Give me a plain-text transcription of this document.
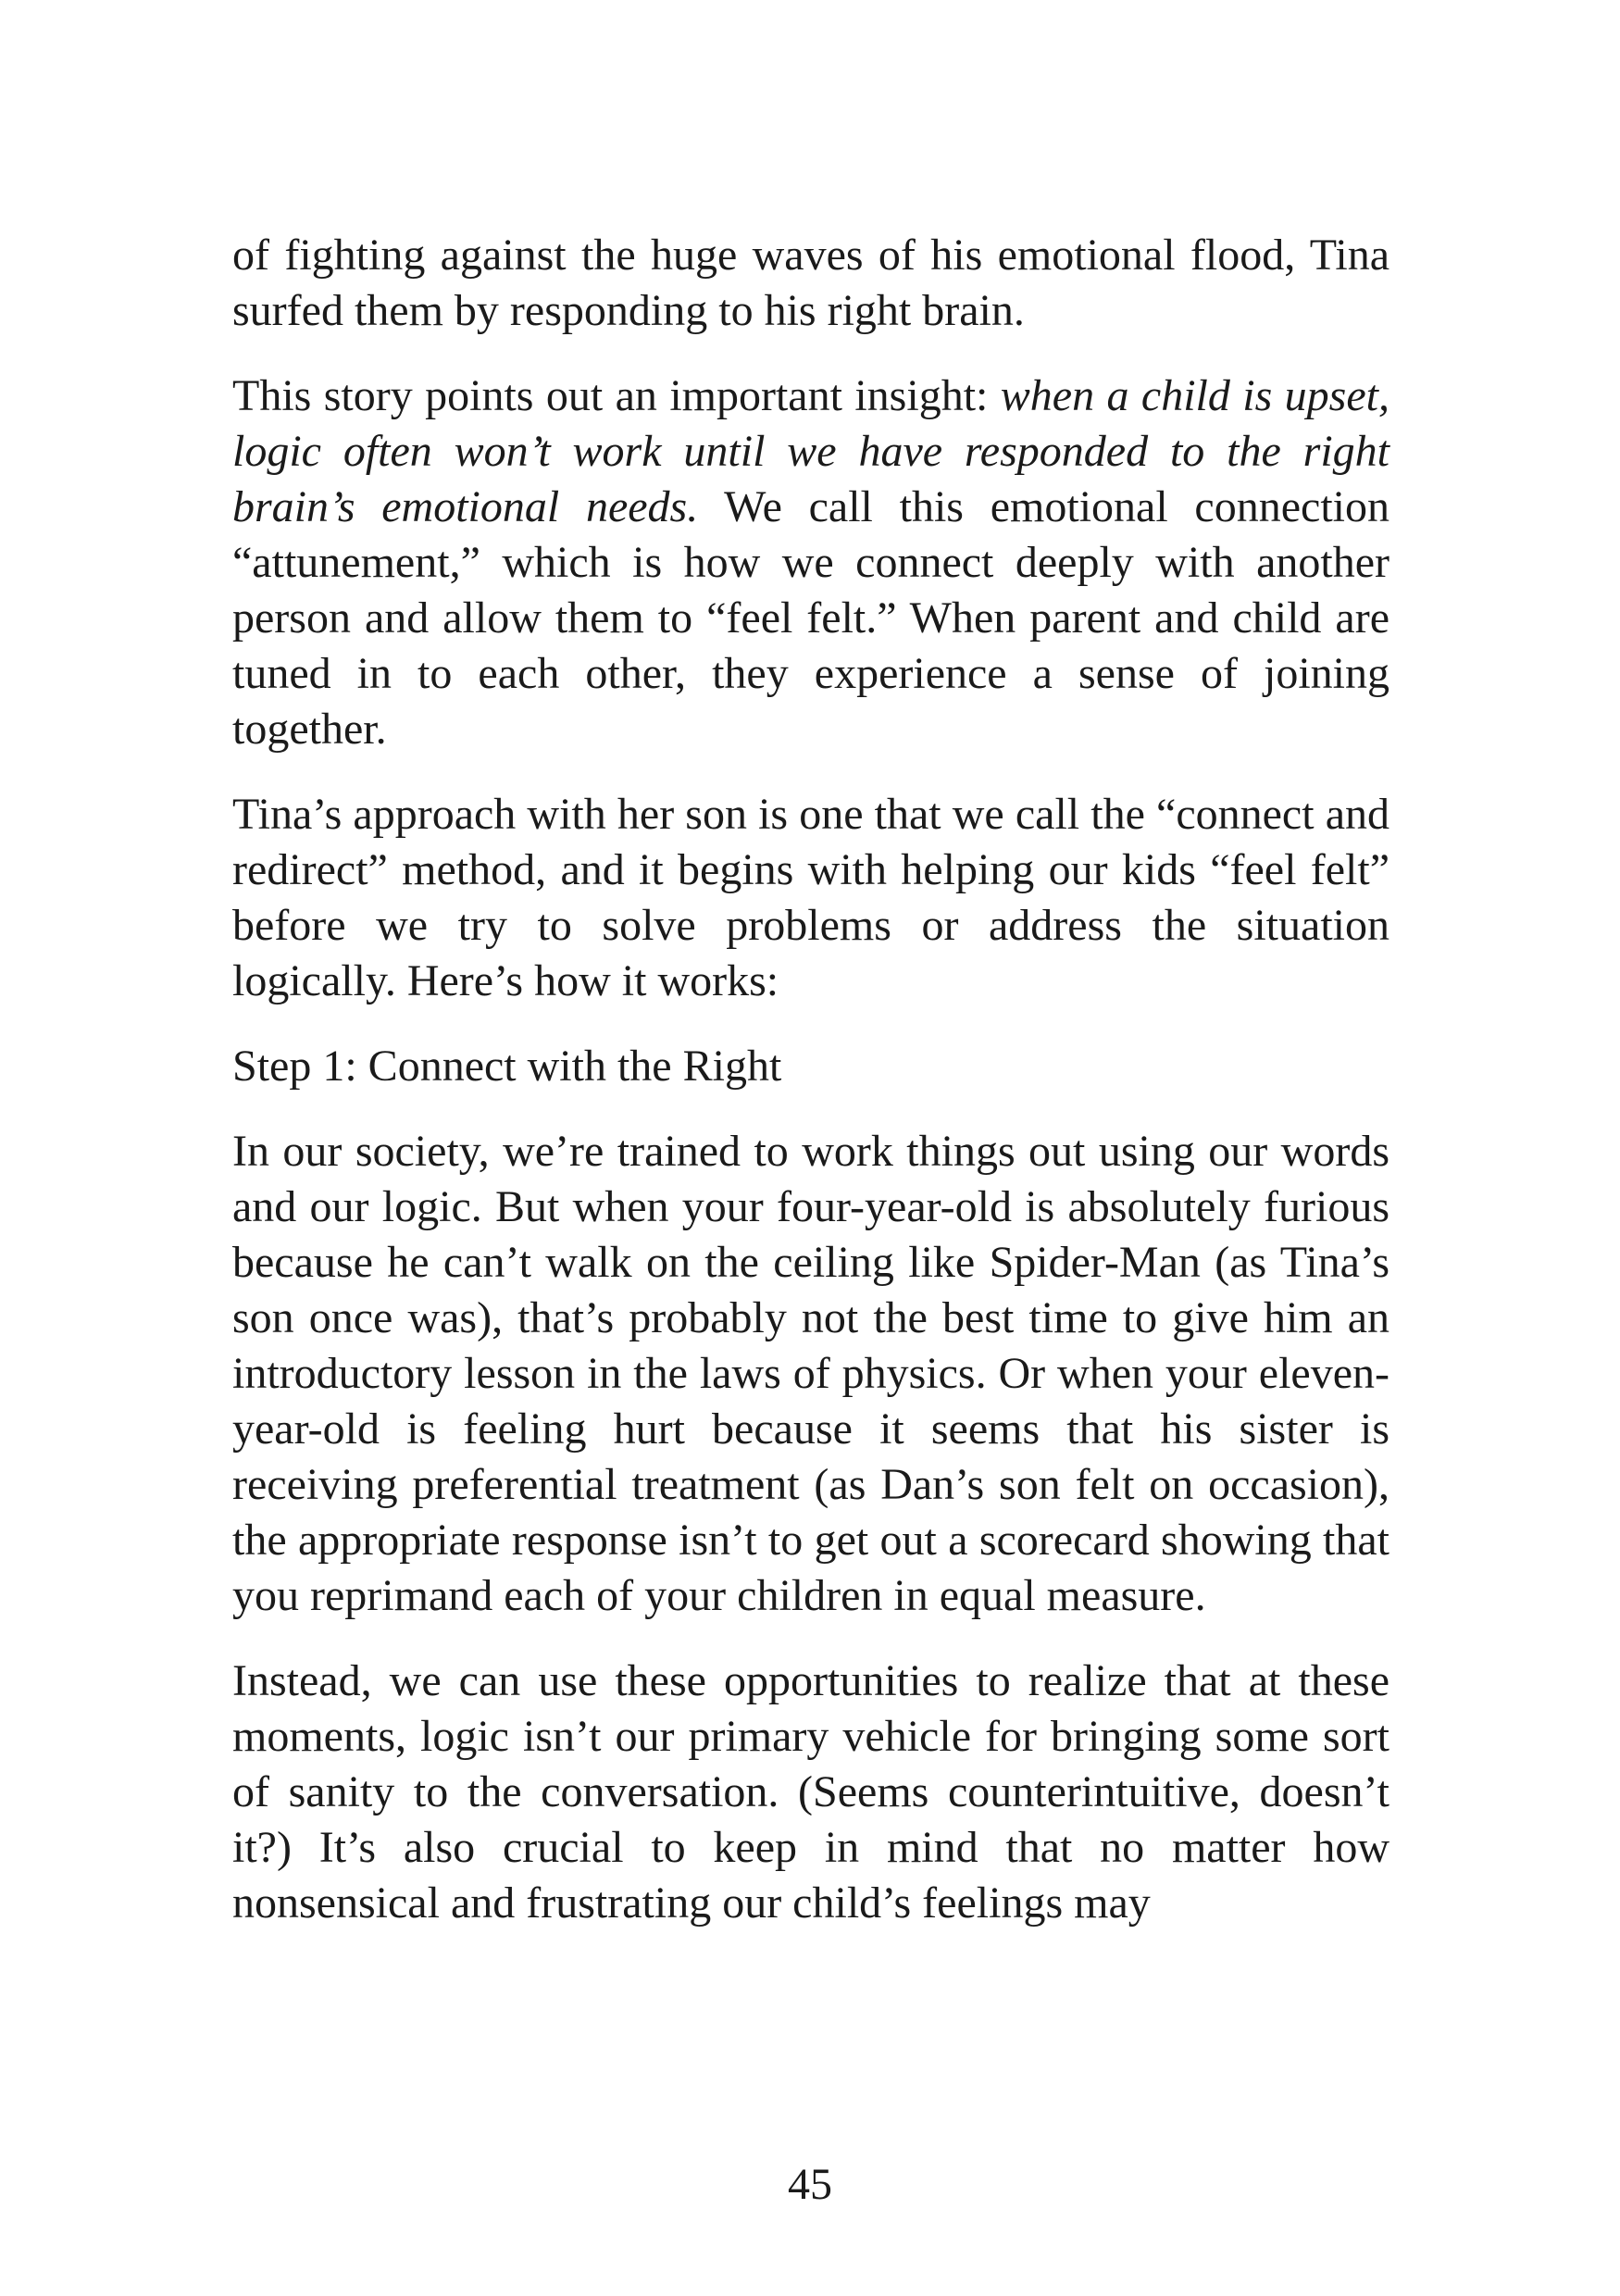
of fighting against the huge waves of his emotional flood, Tina surfed them by responding to his right brain.

This story points out an important insight: when a child is upset, logic often won’t work until we have responded to the right brain’s emotional needs. We call this emotional connection “attunement,” which is how we connect deeply with another person and allow them to “feel felt.” When parent and child are tuned in to each other, they experience a sense of joining together.

Tina’s approach with her son is one that we call the “connect and redirect” method, and it begins with helping our kids “feel felt” before we try to solve problems or address the situation logically. Here’s how it works:

Step 1: Connect with the Right

In our society, we’re trained to work things out using our words and our logic. But when your four-year-old is absolutely furious because he can’t walk on the ceiling like Spider-Man (as Tina’s son once was), that’s probably not the best time to give him an introductory lesson in the laws of physics. Or when your eleven-year-old is feeling hurt because it seems that his sister is receiving preferential treatment (as Dan’s son felt on occasion), the appropriate response isn’t to get out a scorecard showing that you reprimand each of your children in equal measure.

Instead, we can use these opportunities to realize that at these moments, logic isn’t our primary vehicle for bringing some sort of sanity to the conversation. (Seems counterintuitive, doesn’t it?) It’s also crucial to keep in mind that no matter how nonsensical and frustrating our child’s feelings may

45
